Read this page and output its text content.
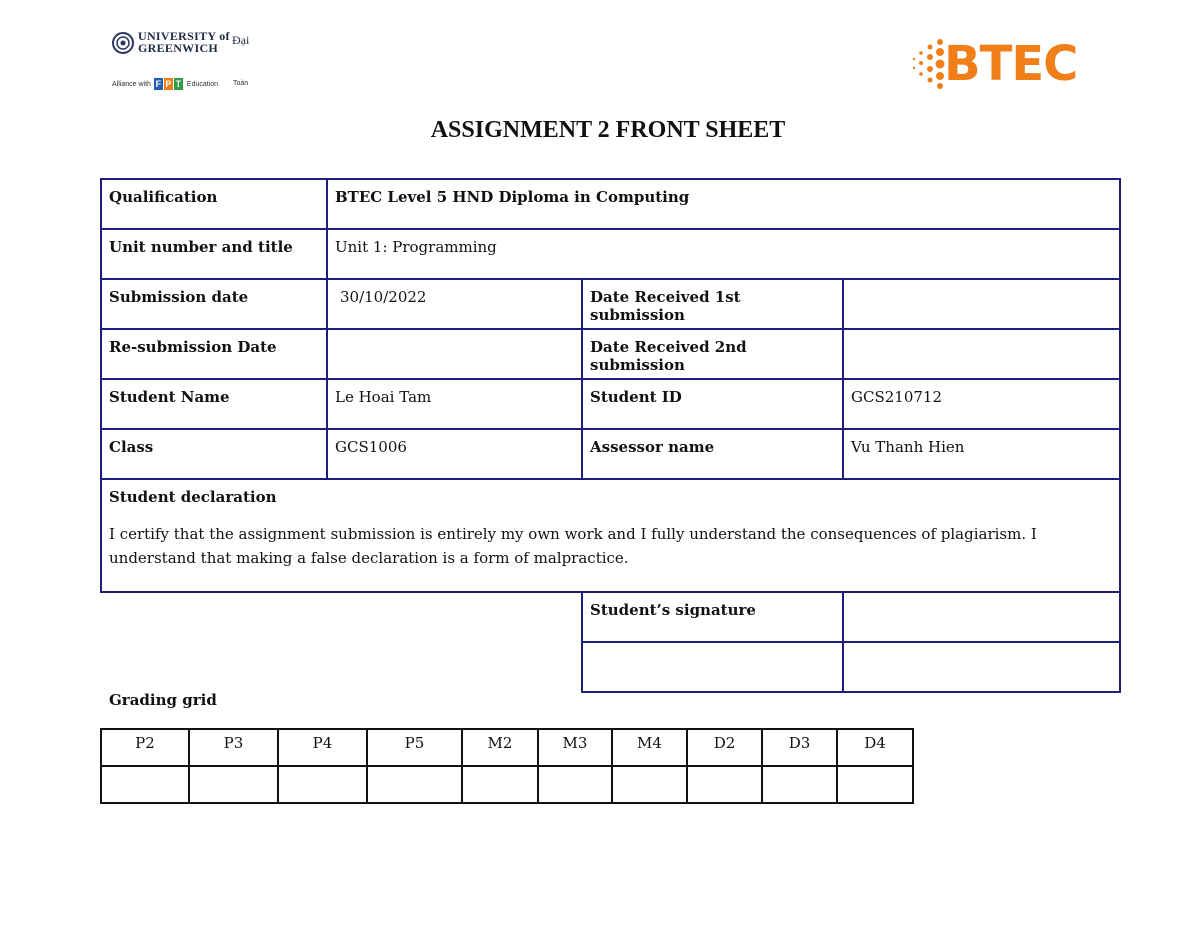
UNIVERSITY of
GREENWICH
Đại
Alliance with F P T Education Toàn	BTEC
ASSIGNMENT 2 FRONT SHEET
Qualification	BTEC Level 5 HND Diploma in Computing		
Unit number and title	Unit 1: Programming		
Submission date	30/10/2022	Date Received 1st submission	
Re-submission Date		Date Received 2nd submission	
Student Name	Le Hoai Tam	Student ID	GCS210712
Class	GCS1006	Assessor name	Vu Thanh Hien

Student declaration
I certify that the assignment submission is entirely my own work and I fully understand the consequences of plagiarism. I understand that making a false declaration is a form of malpractice.			

		Student’s signature	

Grading grid
P2	P3	P4	P5	M2	M3	M4	D2	D3	D4
